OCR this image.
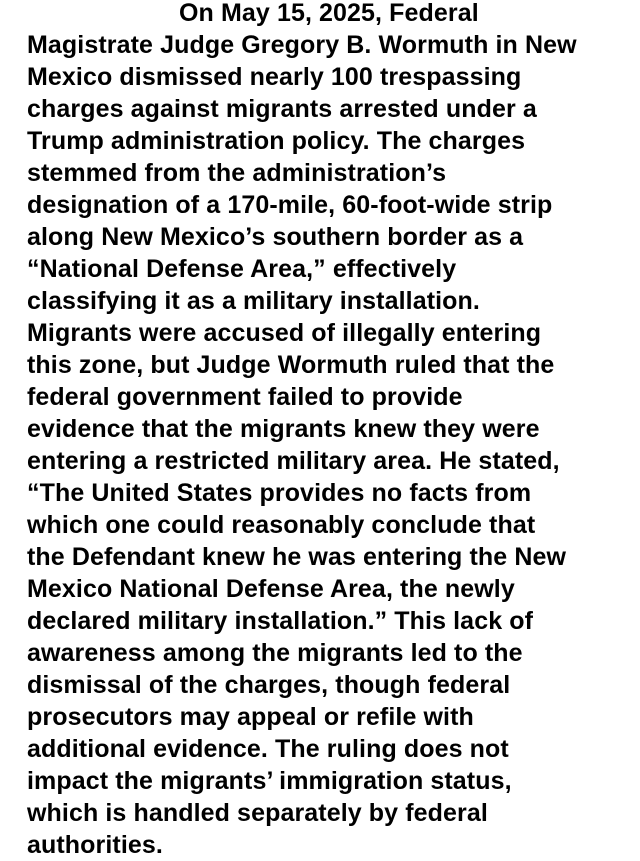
On May 15, 2025, Federal
Magistrate Judge Gregory B. Wormuth in New
Mexico dismissed nearly 100 trespassing
charges against migrants arrested under a
Trump administration policy. The charges
stemmed from the administration’s
designation of a 170-mile, 60-foot-wide strip
along New Mexico’s southern border as a
“National Defense Area,” effectively
classifying it as a military installation.
Migrants were accused of illegally entering
this zone, but Judge Wormuth ruled that the
federal government failed to provide
evidence that the migrants knew they were
entering a restricted military area. He stated,
“The United States provides no facts from
which one could reasonably conclude that
the Defendant knew he was entering the New
Mexico National Defense Area, the newly
declared military installation.” This lack of
awareness among the migrants led to the
dismissal of the charges, though federal
prosecutors may appeal or refile with
additional evidence. The ruling does not
impact the migrants’ immigration status,
which is handled separately by federal
authorities.
